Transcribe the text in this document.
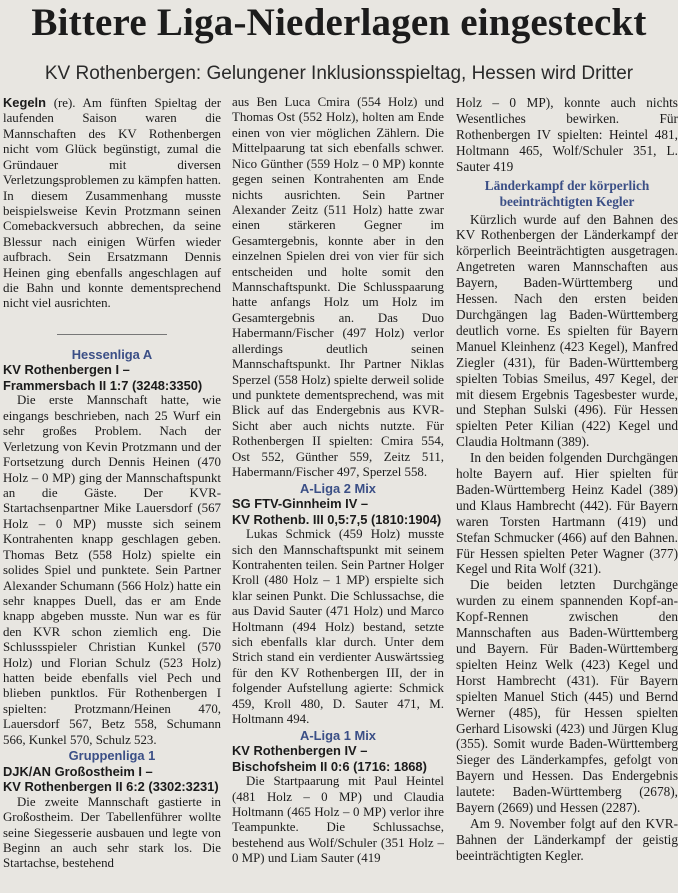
Bittere Liga-Niederlagen eingesteckt
KV Rothenbergen: Gelungener Inklusionsspieltag, Hessen wird Dritter

Kegeln (re). Am fünften Spieltag der laufenden Saison waren die Mannschaften des KV Rothenbergen nicht vom Glück begünstigt, zumal die Gründauer mit diversen Verletzungsproblemen zu kämpfen hatten. In diesem Zusammenhang musste beispielsweise Kevin Protzmann seinen Comebackversuch abbrechen, da seine Blessur nach einigen Würfen wieder aufbrach. Sein Ersatzmann Dennis Heinen ging ebenfalls angeschlagen auf die Bahn und konnte dementsprechend nicht viel ausrichten.

Hessenliga A
KV Rothenbergen I –
Frammersbach II 1:7 (3248:3350)

Die erste Mannschaft hatte, wie eingangs beschrieben, nach 25 Wurf ein sehr großes Problem. Nach der Verletzung von Kevin Protzmann und der Fortsetzung durch Dennis Heinen (470 Holz – 0 MP) ging der Mannschaftspunkt an die Gäste. Der KVR-Startachsenpartner Mike Lauersdorf (567 Holz – 0 MP) musste sich seinem Kontrahenten knapp geschlagen geben. Thomas Betz (558 Holz) spielte ein solides Spiel und punktete. Sein Partner Alexander Schumann (566 Holz) hatte ein sehr knappes Duell, das er am Ende knapp abgeben musste. Nun war es für den KVR schon ziemlich eng. Die Schlussspieler Christian Kunkel (570 Holz) und Florian Schulz (523 Holz) hatten beide ebenfalls viel Pech und blieben punktlos. Für Rothenbergen I spielten: Protzmann/Heinen 470, Lauersdorf 567, Betz 558, Schumann 566, Kunkel 570, Schulz 523.

Gruppenliga 1
DJK/AN Großostheim I –
KV Rothenbergen II 6:2 (3302:3231)

Die zweite Mannschaft gastierte in Großostheim. Der Tabellenführer wollte seine Siegesserie ausbauen und legte von Beginn an auch sehr stark los. Die Startachse, bestehend

aus Ben Luca Cmira (554 Holz) und Thomas Ost (552 Holz), holten am Ende einen von vier möglichen Zählern. Die Mittelpaarung tat sich ebenfalls schwer. Nico Günther (559 Holz – 0 MP) konnte gegen seinen Kontrahenten am Ende nichts ausrichten. Sein Partner Alexander Zeitz (511 Holz) hatte zwar einen stärkeren Gegner im Gesamtergebnis, konnte aber in den einzelnen Spielen drei von vier für sich entscheiden und holte somit den Mannschaftspunkt. Die Schlusspaarung hatte anfangs Holz um Holz im Gesamtergebnis an. Das Duo Habermann/Fischer (497 Holz) verlor allerdings deutlich seinen Mannschaftspunkt. Ihr Partner Niklas Sperzel (558 Holz) spielte derweil solide und punktete dementsprechend, was mit Blick auf das Endergebnis aus KVR-Sicht aber auch nichts nutzte. Für Rothenbergen II spielten: Cmira 554, Ost 552, Günther 559, Zeitz 511, Habermann/Fischer 497, Sperzel 558.

A-Liga 2 Mix
SG FTV-Ginnheim IV –
KV Rothenb. III 0,5:7,5 (1810:1904)

Lukas Schmick (459 Holz) musste sich den Mannschaftspunkt mit seinem Kontrahenten teilen. Sein Partner Holger Kroll (480 Holz – 1 MP) erspielte sich klar seinen Punkt. Die Schlussachse, die aus David Sauter (471 Holz) und Marco Holtmann (494 Holz) bestand, setzte sich ebenfalls klar durch. Unter dem Strich stand ein verdienter Auswärtssieg für den KV Rothenbergen III, der in folgender Aufstellung agierte: Schmick 459, Kroll 480, D. Sauter 471, M. Holtmann 494.

A-Liga 1 Mix
KV Rothenbergen IV –
Bischofsheim II 0:6 (1716: 1868)

Die Startpaarung mit Paul Heintel (481 Holz – 0 MP) und Claudia Holtmann (465 Holz – 0 MP) verlor ihre Teampunkte. Die Schlussachse, bestehend aus Wolf/Schuler (351 Holz – 0 MP) und Liam Sauter (419

Holz – 0 MP), konnte auch nichts Wesentliches bewirken. Für Rothenbergen IV spielten: Heintel 481, Holtmann 465, Wolf/Schuler 351, L. Sauter 419

Länderkampf der körperlich beeinträchtigten Kegler

Kürzlich wurde auf den Bahnen des KV Rothenbergen der Länderkampf der körperlich Beeinträchtigten ausgetragen. Angetreten waren Mannschaften aus Bayern, Baden-Württemberg und Hessen. Nach den ersten beiden Durchgängen lag Baden-Württemberg deutlich vorne. Es spielten für Bayern Manuel Kleinhenz (423 Kegel), Manfred Ziegler (431), für Baden-Württemberg spielten Tobias Smeilus, 497 Kegel, der mit diesem Ergebnis Tagesbester wurde, und Stephan Sulski (496). Für Hessen spielten Peter Kilian (422) Kegel und Claudia Holtmann (389).

In den beiden folgenden Durchgängen holte Bayern auf. Hier spielten für Baden-Württemberg Heinz Kadel (389) und Klaus Hambrecht (442). Für Bayern waren Torsten Hartmann (419) und Stefan Schmucker (466) auf den Bahnen. Für Hessen spielten Peter Wagner (377) Kegel und Rita Wolf (321).

Die beiden letzten Durchgänge wurden zu einem spannenden Kopf-an-Kopf-Rennen zwischen den Mannschaften aus Baden-Württemberg und Bayern. Für Baden-Württemberg spielten Heinz Welk (423) Kegel und Horst Hambrecht (431). Für Bayern spielten Manuel Stich (445) und Bernd Werner (485), für Hessen spielten Gerhard Lisowski (423) und Jürgen Klug (355). Somit wurde Baden-Württemberg Sieger des Länderkampfes, gefolgt von Bayern und Hessen. Das Endergebnis lautete: Baden-Württemberg (2678), Bayern (2669) und Hessen (2287).

Am 9. November folgt auf den KVR-Bahnen der Länderkampf der geistig beeinträchtigten Kegler.
